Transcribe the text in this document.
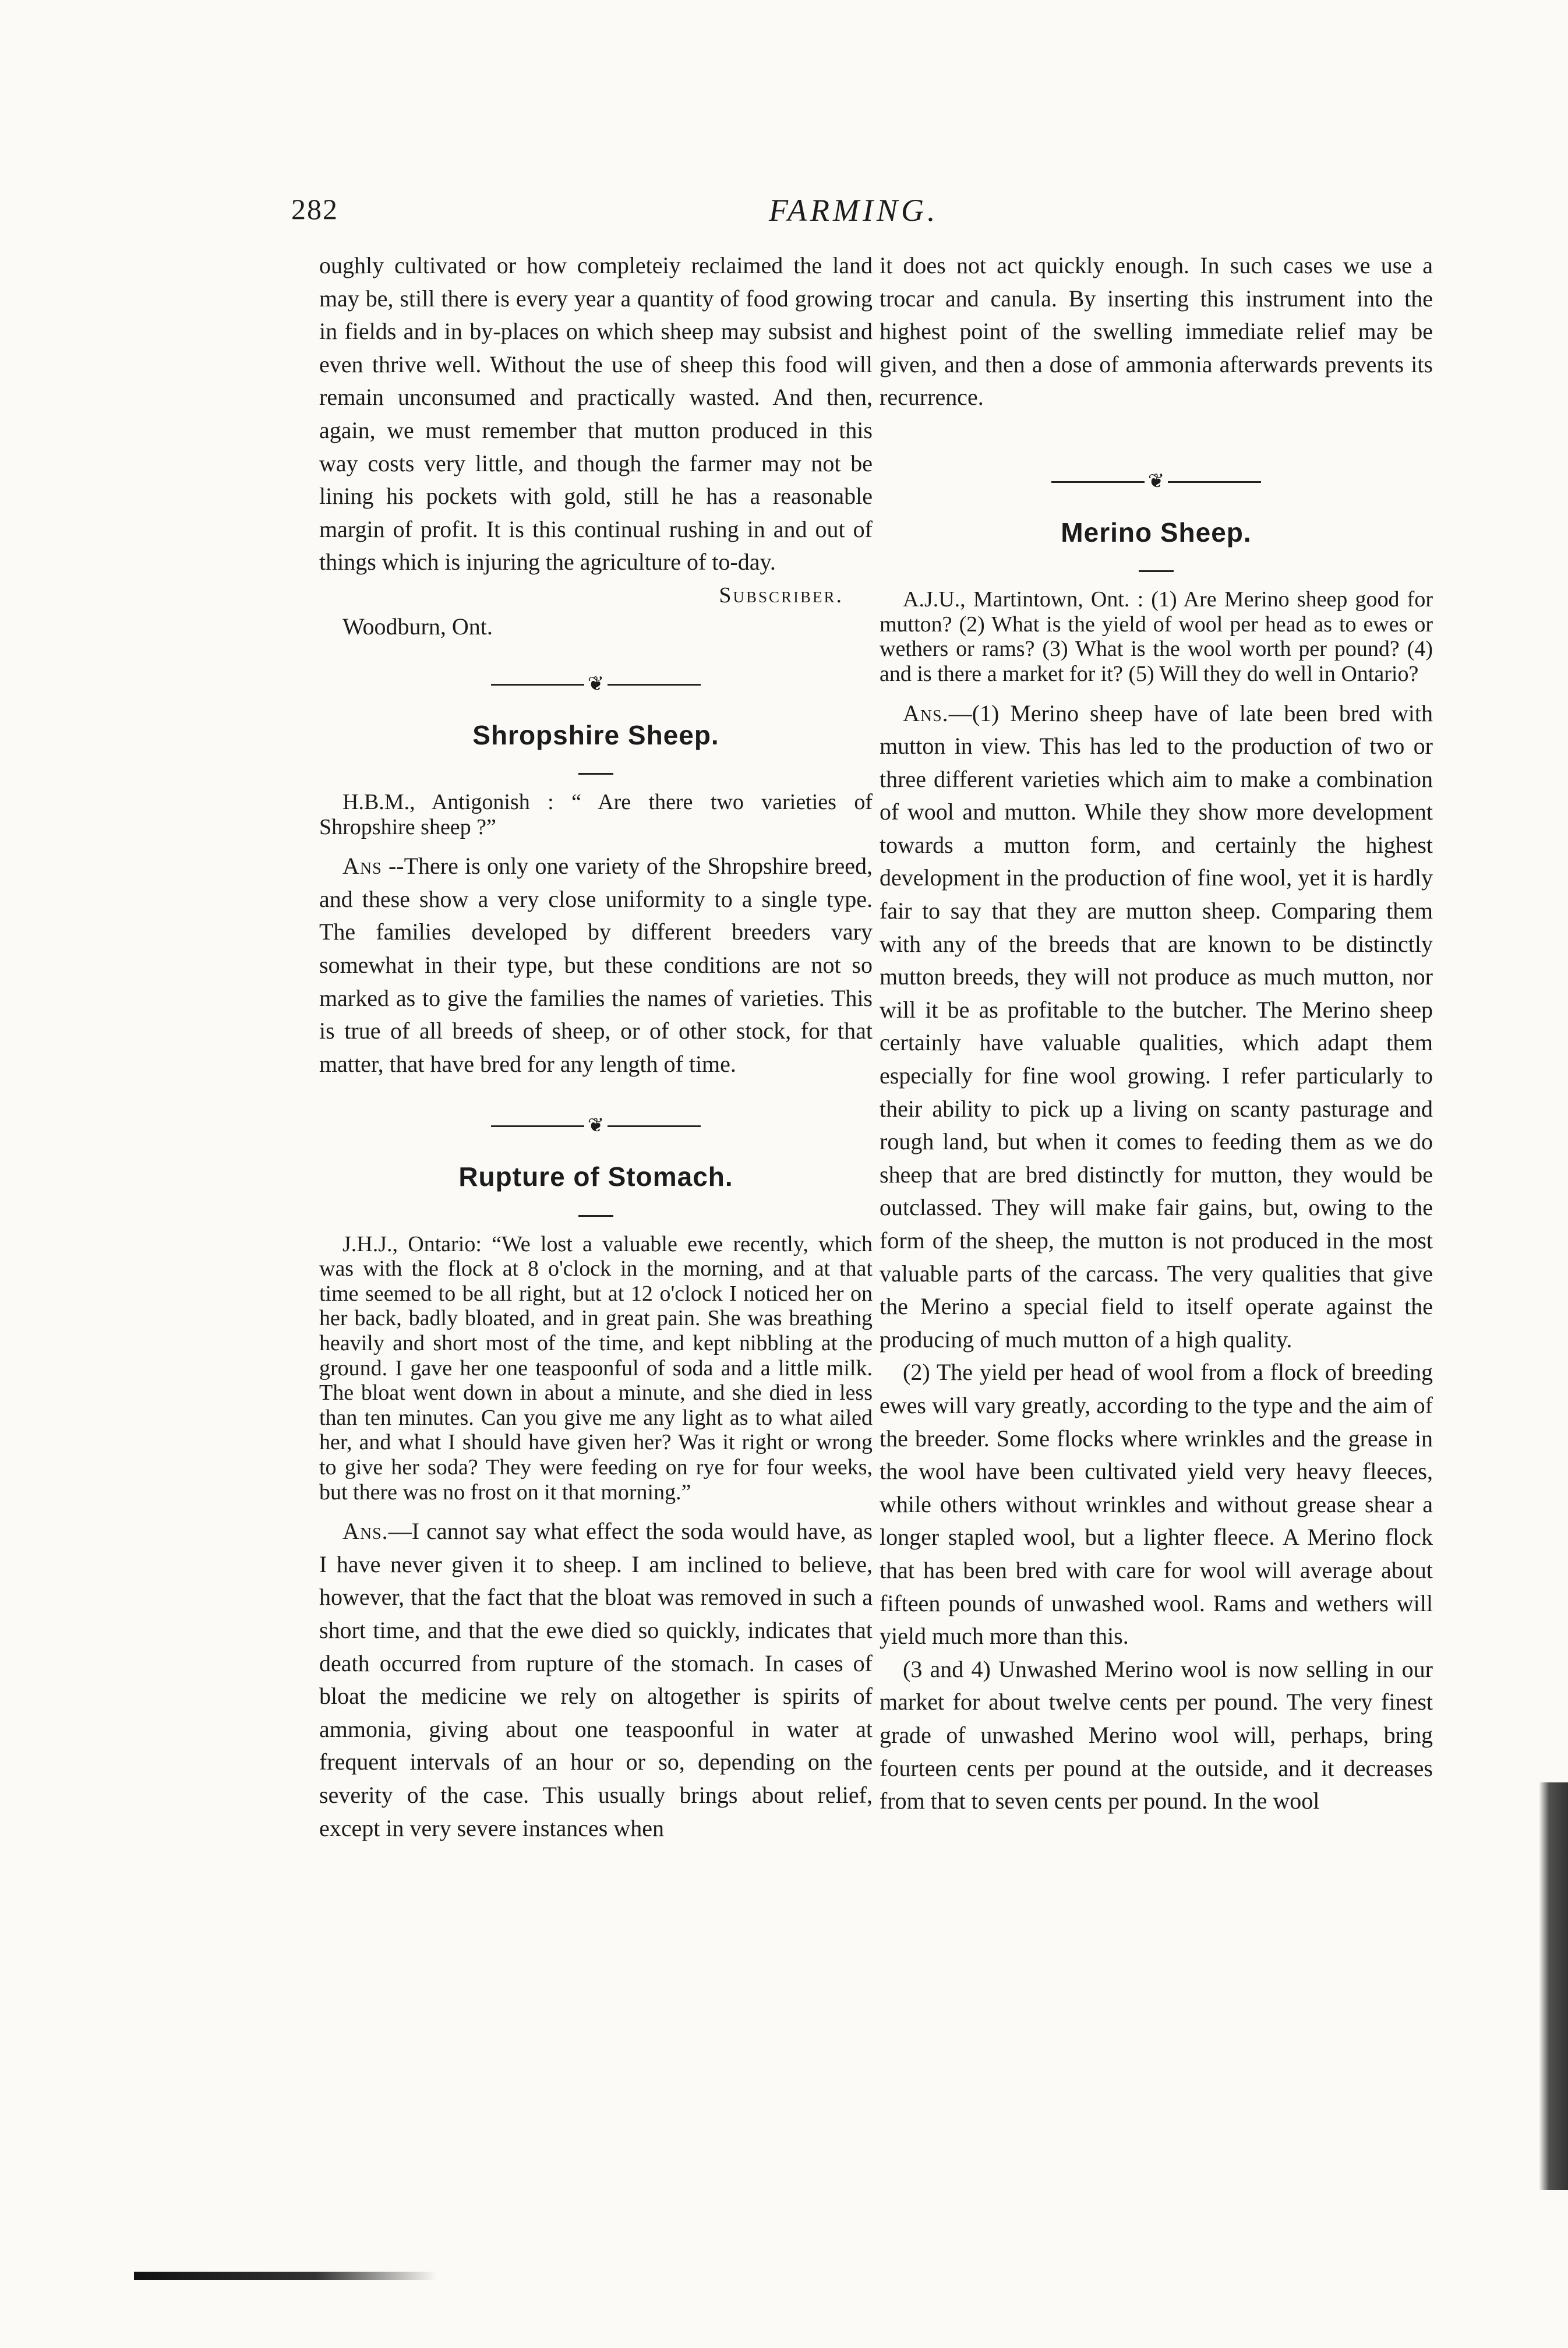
282	FARMING.

oughly cultivated or how completeiy reclaimed the land may be, still there is every year a quantity of food growing in fields and in by-places on which sheep may subsist and even thrive well. Without the use of sheep this food will remain unconsumed and practically wasted. And then, again, we must remember that mutton produced in this way costs very little, and though the farmer may not be lining his pockets with gold, still he has a reasonable margin of profit. It is this continual rushing in and out of things which is injuring the agriculture of to-day.

Subscriber.

Woodburn, Ont.

❦
Shropshire Sheep.

H.B.M., Antigonish : “ Are there two varieties of Shropshire sheep ?”

Ans --There is only one variety of the Shropshire breed, and these show a very close uniformity to a single type. The families developed by different breeders vary somewhat in their type, but these conditions are not so marked as to give the families the names of varieties. This is true of all breeds of sheep, or of other stock, for that matter, that have bred for any length of time.

❦
Rupture of Stomach.

J.H.J., Ontario: “We lost a valuable ewe recently, which was with the flock at 8 o'clock in the morning, and at that time seemed to be all right, but at 12 o'clock I noticed her on her back, badly bloated, and in great pain. She was breathing heavily and short most of the time, and kept nibbling at the ground. I gave her one teaspoonful of soda and a little milk. The bloat went down in about a minute, and she died in less than ten minutes. Can you give me any light as to what ailed her, and what I should have given her? Was it right or wrong to give her soda? They were feeding on rye for four weeks, but there was no frost on it that morning.”

Ans.—I cannot say what effect the soda would have, as I have never given it to sheep. I am inclined to believe, however, that the fact that the bloat was removed in such a short time, and that the ewe died so quickly, indicates that death occurred from rupture of the stomach. In cases of bloat the medicine we rely on altogether is spirits of ammonia, giving about one teaspoonful in water at frequent intervals of an hour or so, depending on the severity of the case. This usually brings about relief, except in very severe instances when

it does not act quickly enough. In such cases we use a trocar and canula. By inserting this instrument into the highest point of the swelling immediate relief may be given, and then a dose of ammonia afterwards prevents its recurrence.

❦
Merino Sheep.

A.J.U., Martintown, Ont. : (1) Are Merino sheep good for mutton? (2) What is the yield of wool per head as to ewes or wethers or rams? (3) What is the wool worth per pound? (4) and is there a market for it? (5) Will they do well in Ontario?

Ans.—(1) Merino sheep have of late been bred with mutton in view. This has led to the production of two or three different varieties which aim to make a combination of wool and mutton. While they show more development towards a mutton form, and certainly the highest development in the production of fine wool, yet it is hardly fair to say that they are mutton sheep. Comparing them with any of the breeds that are known to be distinctly mutton breeds, they will not produce as much mutton, nor will it be as profitable to the butcher. The Merino sheep certainly have valuable qualities, which adapt them especially for fine wool growing. I refer particularly to their ability to pick up a living on scanty pasturage and rough land, but when it comes to feeding them as we do sheep that are bred distinctly for mutton, they would be outclassed. They will make fair gains, but, owing to the form of the sheep, the mutton is not produced in the most valuable parts of the carcass. The very qualities that give the Merino a special field to itself operate against the producing of much mutton of a high quality.

(2) The yield per head of wool from a flock of breeding ewes will vary greatly, according to the type and the aim of the breeder. Some flocks where wrinkles and the grease in the wool have been cultivated yield very heavy fleeces, while others without wrinkles and without grease shear a longer stapled wool, but a lighter fleece. A Merino flock that has been bred with care for wool will average about fifteen pounds of unwashed wool. Rams and wethers will yield much more than this.

(3 and 4) Unwashed Merino wool is now selling in our market for about twelve cents per pound. The very finest grade of unwashed Merino wool will, perhaps, bring fourteen cents per pound at the outside, and it decreases from that to seven cents per pound. In the wool
